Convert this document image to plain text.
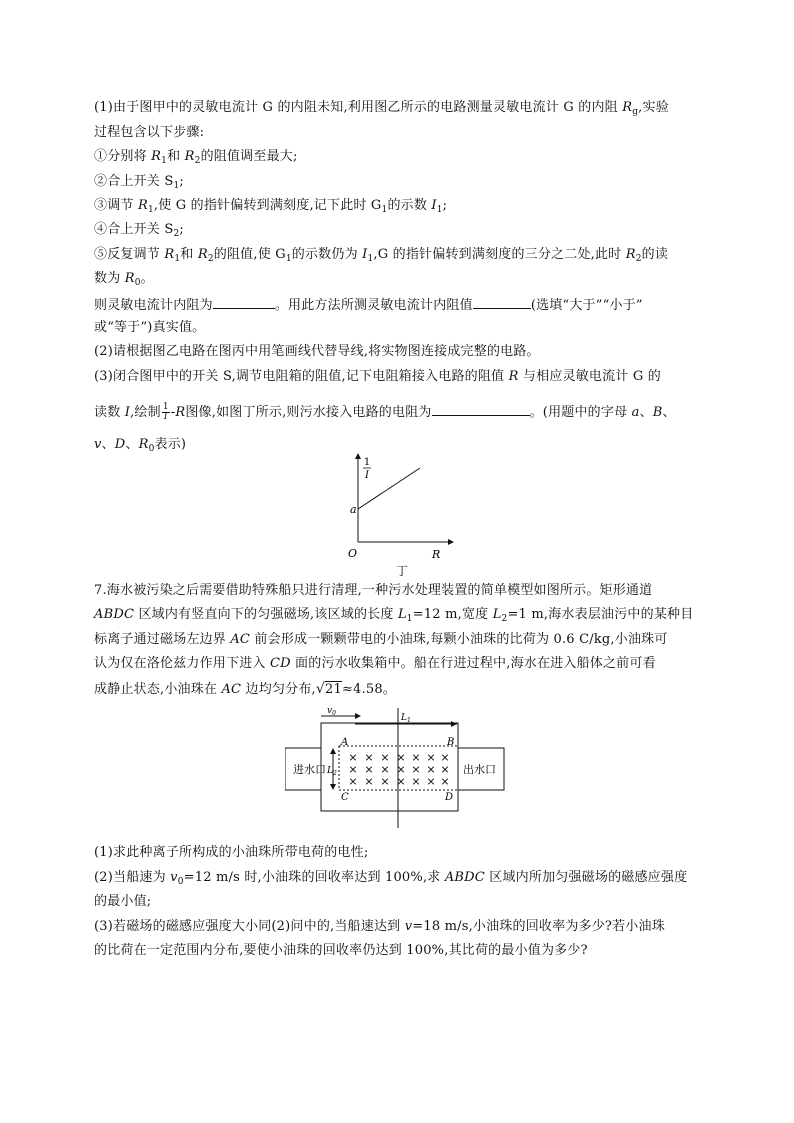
(1)由于图甲中的灵敏电流计 G 的内阻未知,利用图乙所示的电路测量灵敏电流计 G 的内阻 $R_g$,实验
过程包含以下步骤:
①分别将 $R_1$和 $R_2$的阻值调至最大;
②合上开关 $S_1$;
③调节 $R_1$,使 G 的指针偏转到满刻度,记下此时 $G_1$的示数 $I_1$;
④合上开关 $S_2$;
⑤反复调节 $R_1$和 $R_2$的阻值,使 $G_1$的示数仍为 $I_1,G$ 的指针偏转到满刻度的三分之二处,此时 $R_2$的读
数为 $R_0$。
则灵敏电流计内阻为	。用此方法所测灵敏电流计内阻值	(选填“大于”“小于”
或“等于”)真实值。
(2)请根据图乙电路在图丙中用笔画线代替导线,将实物图连接成完整的电路。
(3)闭合图甲中的开关 S,调节电阻箱的阻值,记下电阻箱接入电路的阻值 R 与相应灵敏电流计 G 的
读数 I,绘制 $\frac{1}{I} -R$图像,如图丁所示,则污水接入电路的电阻为	。(用题中的字母 a、B、
v、D、$R_0$表示)
1
I
a
O	R
丁
7.海水被污染之后需要借助特殊船只进行清理,一种污水处理装置的简单模型如图所示。矩形通道
ABDC 区域内有竖直向下的匀强磁场,该区域的长度 $L_1=12$ m,宽度 $L_2=1$ m,海水表层油污中的某种目
标离子通过磁场左边界 AC 前会形成一颗颗带电的小油珠,每颗小油珠的比荷为 0.6 C/kg,小油珠可
认为仅在洛伦兹力作用下进入 CD 面的污水收集箱中。船在行进过程中,海水在进入船体之前可看
成静止状态,小油珠在 AC 边均匀分布,√21≈4.58。
$v_0$	$L_1$
$L_2$
A	B
C	D
进水口	出水口
× × × × × × ×
× × × × × × ×
× × × × × × ×
(1)求此种离子所构成的小油珠所带电荷的电性;
(2)当船速为 $v_0=12$ m/s 时,小油珠的回收率达到 100%,求 ABDC 区域内所加匀强磁场的磁感应强度
的最小值;
(3)若磁场的磁感应强度大小同(2)问中的,当船速达到 v=18 m/s,小油珠的回收率为多少?若小油珠
的比荷在一定范围内分布,要使小油珠的回收率仍达到 100%,其比荷的最小值为多少?
